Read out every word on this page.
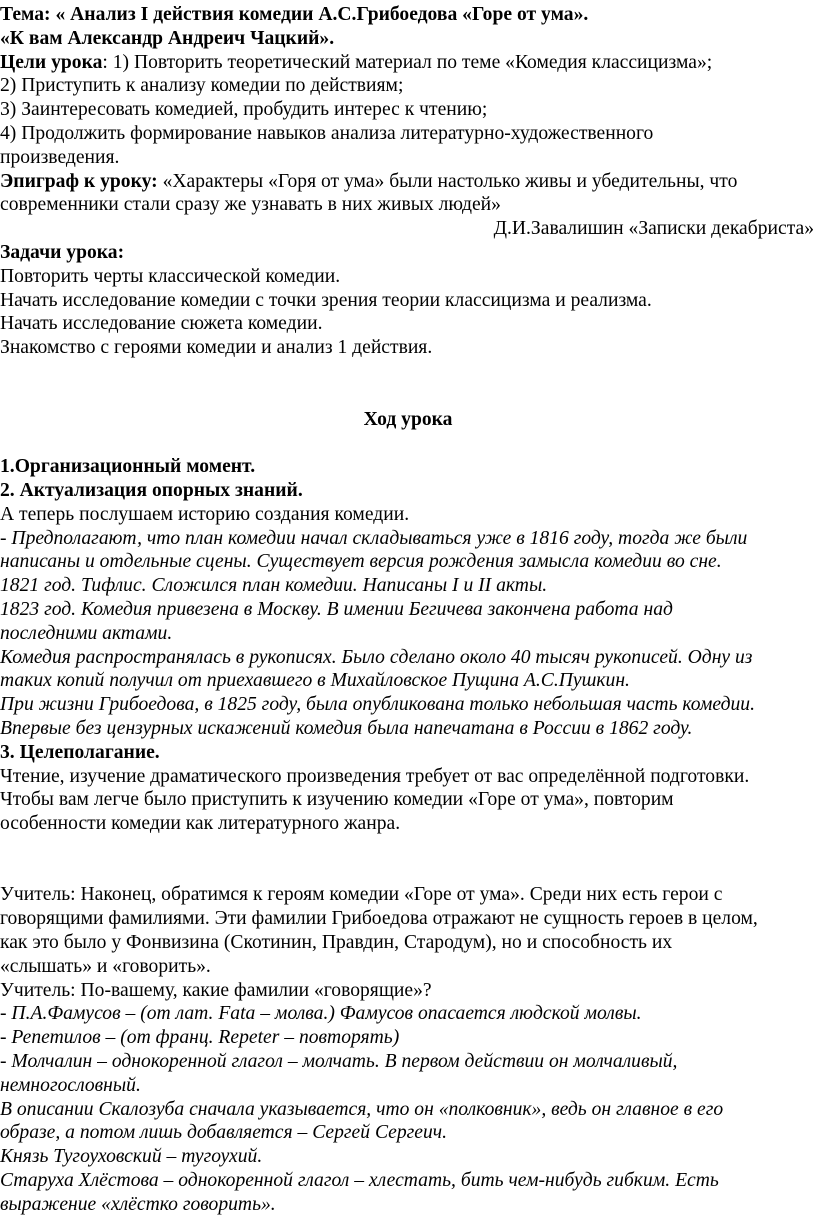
Тема: « Анализ I действия комедии А.С.Грибоедова «Горе от ума».
«К вам Александр Андреич Чацкий».
Цели урока: 1) Повторить теоретический материал по теме «Комедия классицизма»;
2) Приступить к анализу комедии по действиям;
3) Заинтересовать комедией, пробудить интерес к чтению;
4) Продолжить формирование навыков анализа литературно-художественного
произведения.
Эпиграф к уроку: «Характеры «Горя от ума» были настолько живы и убедительны, что
современники стали сразу же узнавать в них живых людей»
Д.И.Завалишин «Записки декабриста»
Задачи урока:
Повторить черты классической комедии.
Начать исследование комедии с точки зрения теории классицизма и реализма.
Начать исследование сюжета комедии.
Знакомство с героями комедии и анализ 1 действия.
Ход урока
1.Организационный момент.
2. Актуализация опорных знаний.
А теперь послушаем историю создания комедии.
- Предполагают, что план комедии начал складываться уже в 1816 году, тогда же были
написаны и отдельные сцены. Существует версия рождения замысла комедии во сне.
1821 год. Тифлис. Сложился план комедии. Написаны I и II акты.
1823 год. Комедия привезена в Москву. В имении Бегичева закончена работа над
последними актами.
Комедия распространялась в рукописях. Было сделано около 40 тысяч рукописей. Одну из
таких копий получил от приехавшего в Михайловское Пущина А.С.Пушкин.
При жизни Грибоедова, в 1825 году, была опубликована только небольшая часть комедии.
Впервые без цензурных искажений комедия была напечатана в России в 1862 году.
3. Целеполагание.
Чтение, изучение драматического произведения требует от вас определённой подготовки.
Чтобы вам легче было приступить к изучению комедии «Горе от ума», повторим
особенности комедии как литературного жанра.
Учитель: Наконец, обратимся к героям комедии «Горе от ума». Среди них есть герои с
говорящими фамилиями. Эти фамилии Грибоедова отражают не сущность героев в целом,
как это было у Фонвизина (Скотинин, Правдин, Стародум), но и способность их
«слышать» и «говорить».
Учитель: По-вашему, какие фамилии «говорящие»?
- П.А.Фамусов – (от лат. Fata – молва.) Фамусов опасается людской молвы.
- Репетилов – (от франц. Repeter – повторять)
- Молчалин – однокоренной глагол – молчать. В первом действии он молчаливый,
немногословный.
В описании Скалозуба сначала указывается, что он «полковник», ведь он главное в его
образе, а потом лишь добавляется – Сергей Сергеич.
Князь Тугоуховский – тугоухий.
Старуха Хлёстова – однокоренной глагол – хлестать, бить чем-нибудь гибким. Есть
выражение «хлёстко говорить».
